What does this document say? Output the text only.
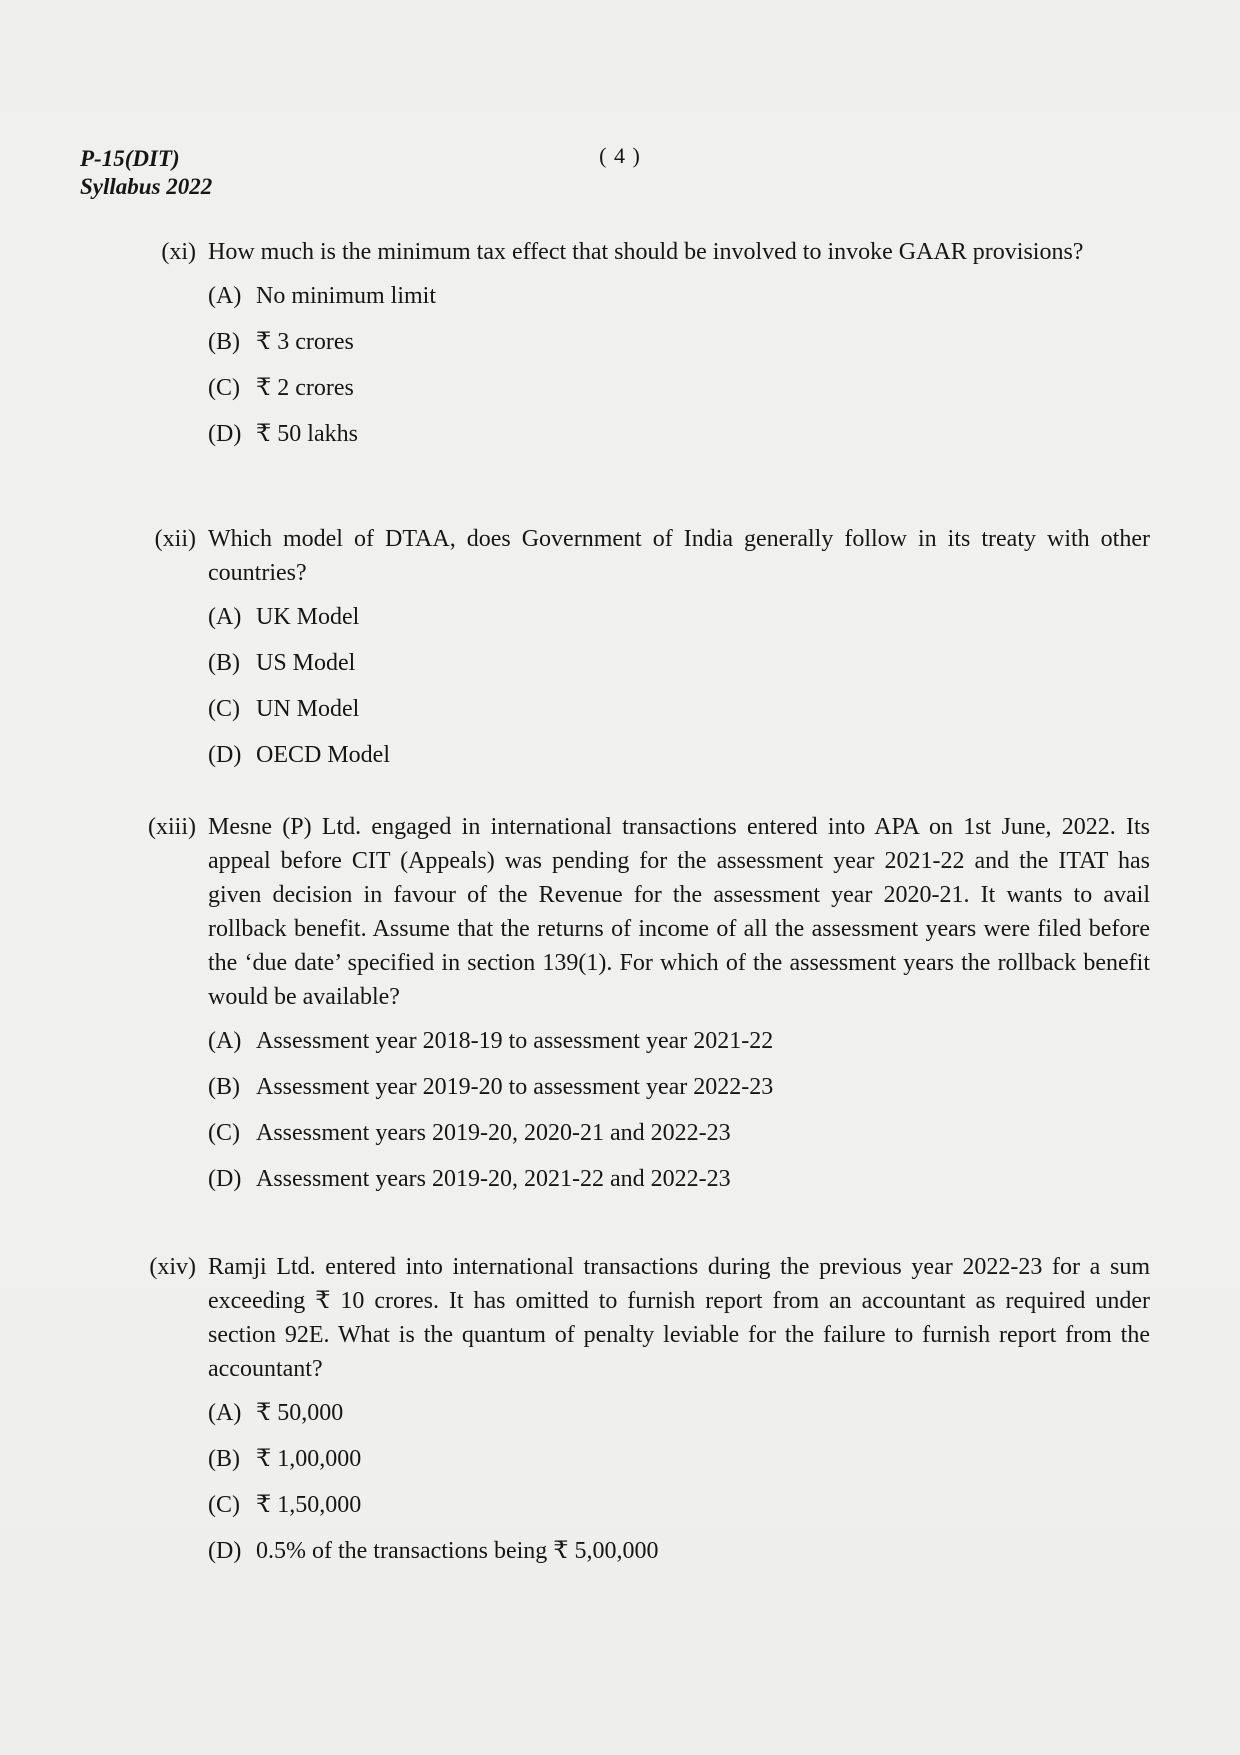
P-15(DIT)
Syllabus 2022
( 4 )
(xi) How much is the minimum tax effect that should be involved to invoke GAAR provisions?
(A) No minimum limit
(B) ₹ 3 crores
(C) ₹ 2 crores
(D) ₹ 50 lakhs
(xii) Which model of DTAA, does Government of India generally follow in its treaty with other countries?
(A) UK Model
(B) US Model
(C) UN Model
(D) OECD Model
(xiii) Mesne (P) Ltd. engaged in international transactions entered into APA on 1st June, 2022. Its appeal before CIT (Appeals) was pending for the assessment year 2021-22 and the ITAT has given decision in favour of the Revenue for the assessment year 2020-21. It wants to avail rollback benefit. Assume that the returns of income of all the assessment years were filed before the ‘due date’ specified in section 139(1). For which of the assessment years the rollback benefit would be available?
(A) Assessment year 2018-19 to assessment year 2021-22
(B) Assessment year 2019-20 to assessment year 2022-23
(C) Assessment years 2019-20, 2020-21 and 2022-23
(D) Assessment years 2019-20, 2021-22 and 2022-23
(xiv) Ramji Ltd. entered into international transactions during the previous year 2022-23 for a sum exceeding ₹ 10 crores. It has omitted to furnish report from an accountant as required under section 92E. What is the quantum of penalty leviable for the failure to furnish report from the accountant?
(A) ₹ 50,000
(B) ₹ 1,00,000
(C) ₹ 1,50,000
(D) 0.5% of the transactions being ₹ 5,00,000
